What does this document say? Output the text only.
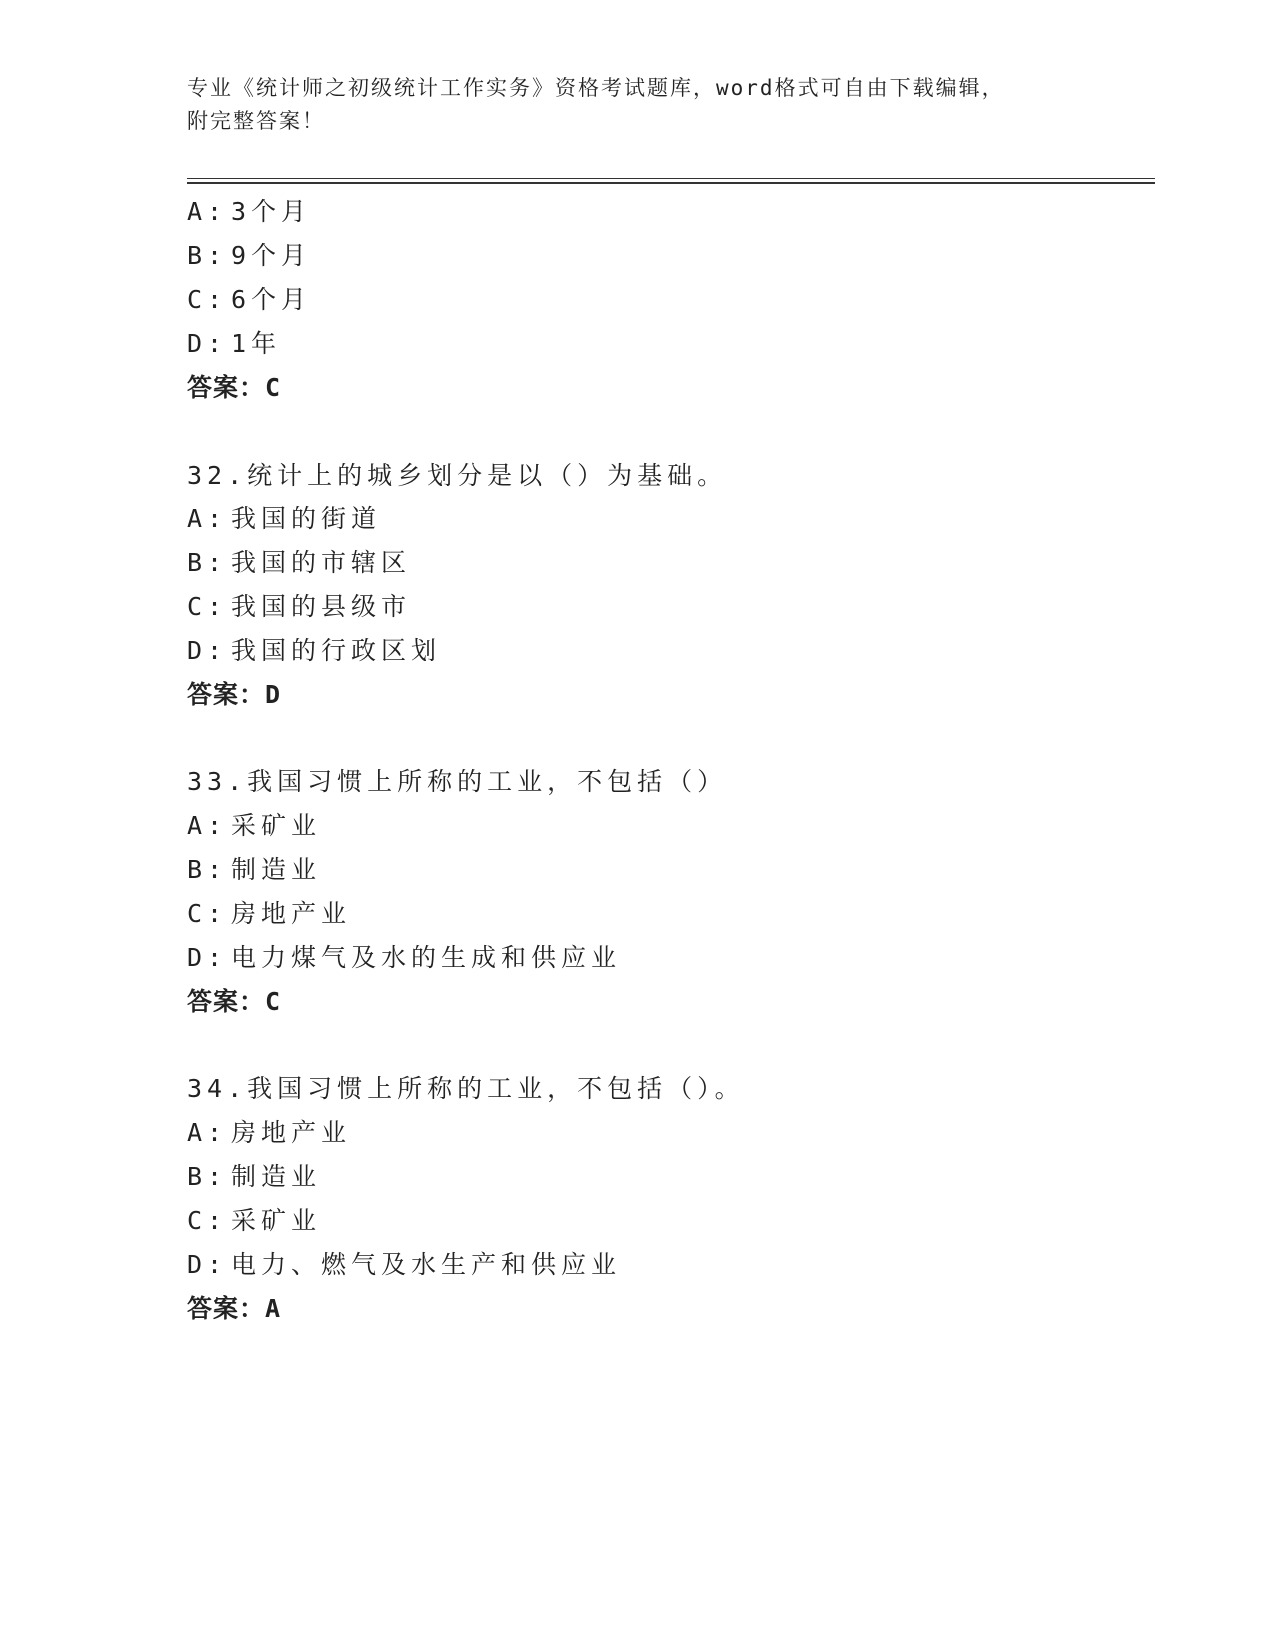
专业《统计师之初级统计工作实务》资格考试题库，word格式可自由下载编辑，
附完整答案！
A: 3个月
B: 9个月
C: 6个月
D: 1年
答案：C
32.统计上的城乡划分是以（）为基础。
A: 我国的街道
B: 我国的市辖区
C: 我国的县级市
D: 我国的行政区划
答案：D
33.我国习惯上所称的工业，不包括（）
A: 采矿业
B: 制造业
C: 房地产业
D: 电力煤气及水的生成和供应业
答案：C
34.我国习惯上所称的工业，不包括（）。
A: 房地产业
B: 制造业
C: 采矿业
D: 电力、燃气及水生产和供应业
答案：A
